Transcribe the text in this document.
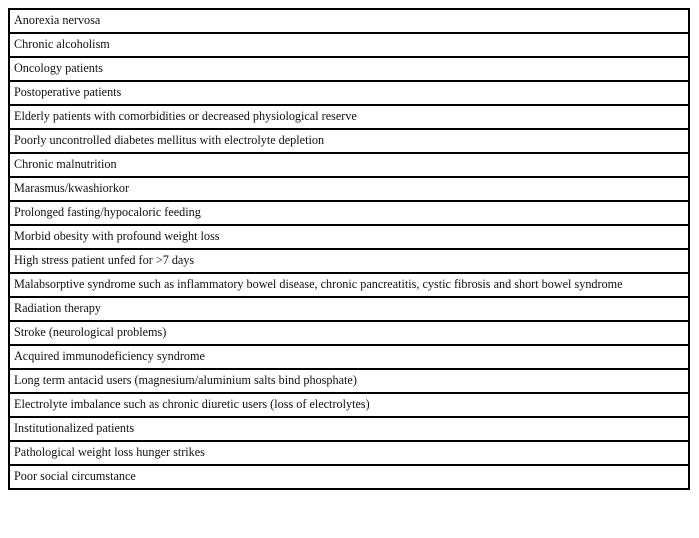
Anorexia nervosa
Chronic alcoholism
Oncology patients
Postoperative patients
Elderly patients with comorbidities or decreased physiological reserve
Poorly uncontrolled diabetes mellitus with electrolyte depletion
Chronic malnutrition
Marasmus/kwashiorkor
Prolonged fasting/hypocaloric feeding
Morbid obesity with profound weight loss
High stress patient unfed for >7 days
Malabsorptive syndrome such as inflammatory bowel disease, chronic pancreatitis, cystic fibrosis and short bowel syndrome
Radiation therapy
Stroke (neurological problems)
Acquired immunodeficiency syndrome
Long term antacid users (magnesium/aluminium salts bind phosphate)
Electrolyte imbalance such as chronic diuretic users (loss of electrolytes)
Institutionalized patients
Pathological weight loss hunger strikes
Poor social circumstance
